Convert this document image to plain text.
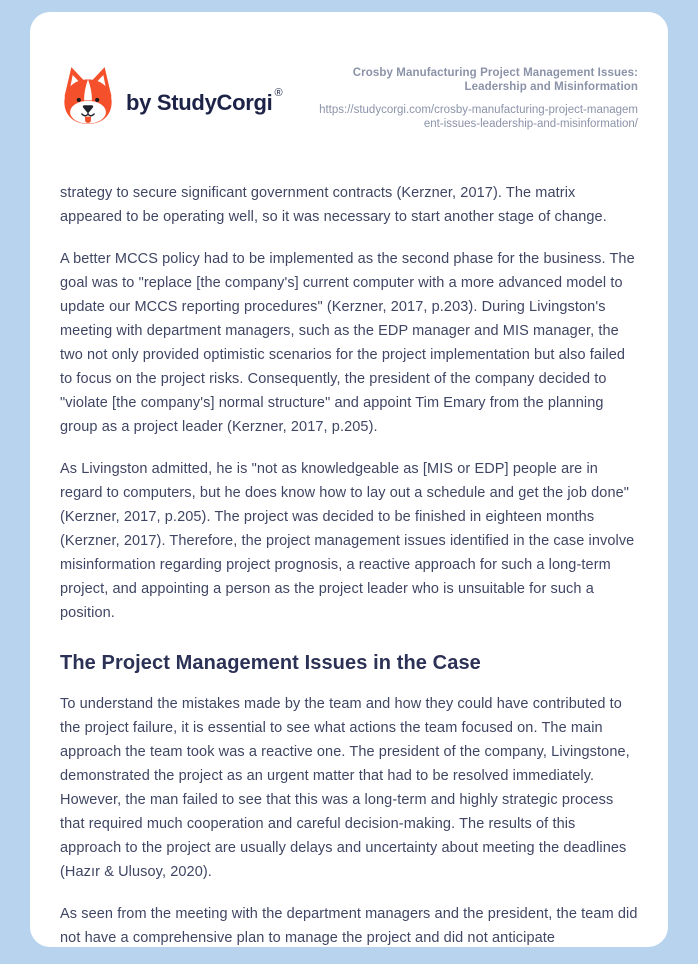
by StudyCorgi ®
Crosby Manufacturing Project Management Issues: Leadership and Misinformation
https://studycorgi.com/crosby-manufacturing-project-management-issues-leadership-and-misinformation/

strategy to secure significant government contracts (Kerzner, 2017). The matrix appeared to be operating well, so it was necessary to start another stage of change.

A better MCCS policy had to be implemented as the second phase for the business. The goal was to "replace [the company's] current computer with a more advanced model to update our MCCS reporting procedures" (Kerzner, 2017, p.203). During Livingston's meeting with department managers, such as the EDP manager and MIS manager, the two not only provided optimistic scenarios for the project implementation but also failed to focus on the project risks. Consequently, the president of the company decided to "violate [the company's] normal structure" and appoint Tim Emary from the planning group as a project leader (Kerzner, 2017, p.205).

As Livingston admitted, he is "not as knowledgeable as [MIS or EDP] people are in regard to computers, but he does know how to lay out a schedule and get the job done" (Kerzner, 2017, p.205). The project was decided to be finished in eighteen months (Kerzner, 2017). Therefore, the project management issues identified in the case involve misinformation regarding project prognosis, a reactive approach for such a long-term project, and appointing a person as the project leader who is unsuitable for such a position.

The Project Management Issues in the Case

To understand the mistakes made by the team and how they could have contributed to the project failure, it is essential to see what actions the team focused on. The main approach the team took was a reactive one. The president of the company, Livingstone, demonstrated the project as an urgent matter that had to be resolved immediately. However, the man failed to see that this was a long-term and highly strategic process that required much cooperation and careful decision-making. The results of this approach to the project are usually delays and uncertainty about meeting the deadlines (Hazır & Ulusoy, 2020).

As seen from the meeting with the department managers and the president, the team did not have a comprehensive plan to manage the project and did not anticipate
